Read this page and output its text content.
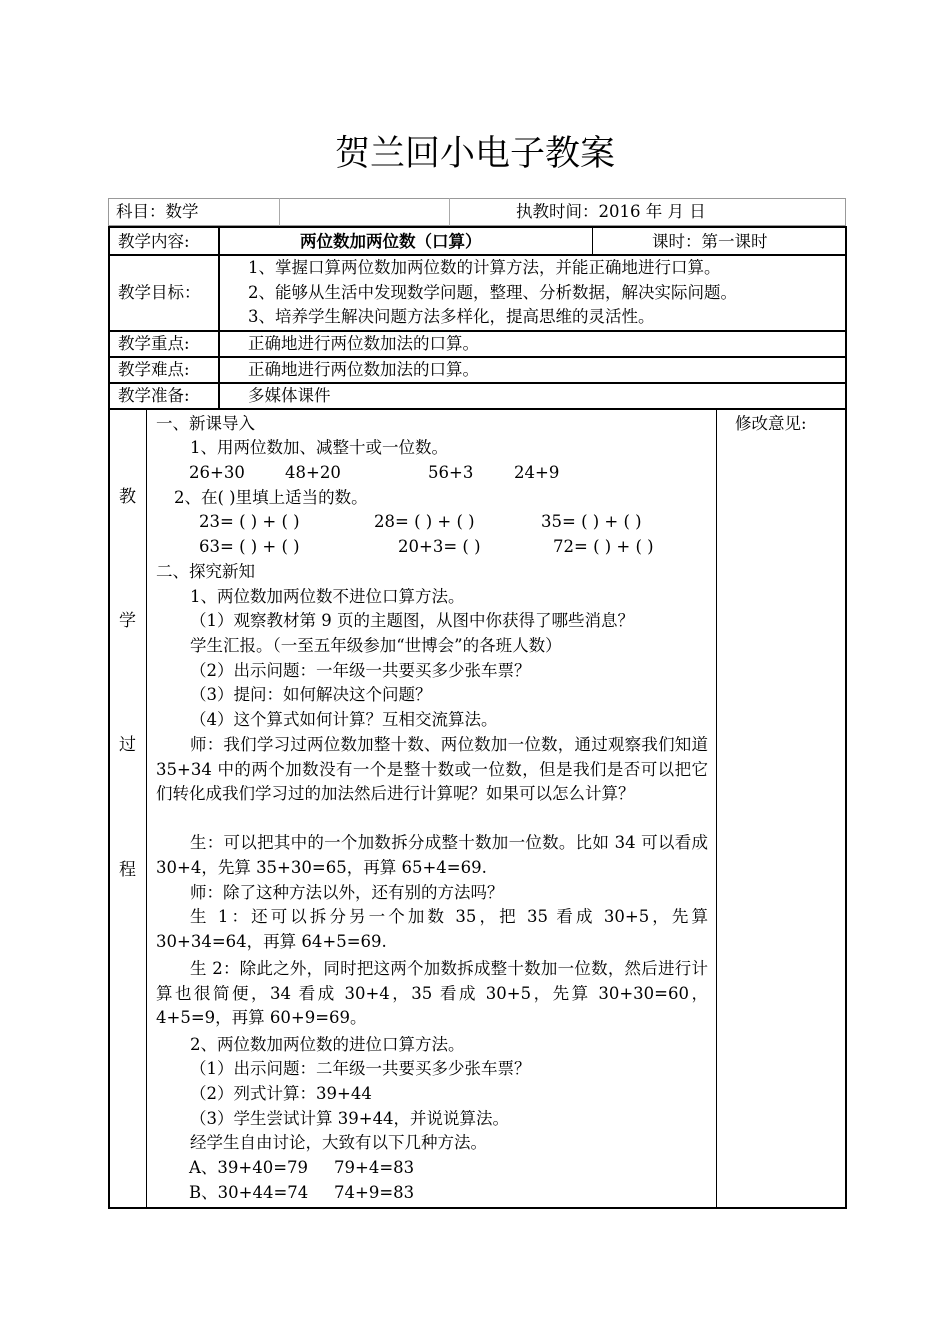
贺兰回小电子教案
科目：数学	执教时间：2016 年 月 日
教学内容:	两位数加两位数（口算）	课时：第一课时
教学目标：
1、掌握口算两位数加两位数的计算方法，并能正确地进行口算。
2、能够从生活中发现数学问题，整理、分析数据，解决实际问题。
3、培养学生解决问题方法多样化，提高思维的灵活性。
教学重点:	正确地进行两位数加法的口算。
教学难点:	正确地进行两位数加法的口算。
教学准备:	多媒体课件
教
学
过
程
修改意见:
一、新课导入
1、用两位数加、减整十或一位数。
26+30 48+20	56+3 24+9
2、在( )里填上适当的数。
23= ( ) + ( )	28= ( ) + ( )	35= ( ) + ( )
63= ( ) + ( )	20+3= ( )	72= ( ) + ( )
二、探究新知
1、两位数加两位数不进位口算方法。
（1）观察教材第 9 页的主题图，从图中你获得了哪些消息？
学生汇报。（一至五年级参加“世博会”的各班人数）
（2）出示问题：一年级一共要买多少张车票？
（3）提问：如何解决这个问题？
（4）这个算式如何计算？互相交流算法。
师：我们学习过两位数加整十数、两位数加一位数，通过观察我们知道 35+34 中的两个加数没有一个是整十数或一位数，但是我们是否可以把它们转化成我们学习过的加法然后进行计算呢？如果可以怎么计算？
生：可以把其中的一个加数拆分成整十数加一位数。比如 34 可以看成 30+4，先算 35+30=65，再算 65+4=69.
师：除了这种方法以外，还有别的方法吗？
生 1：还可以拆分另一个加数 35，把 35 看成 30+5，先算 30+34=64，再算 64+5=69.
生 2：除此之外，同时把这两个加数拆成整十数加一位数，然后进行计算也很简便，34 看成 30+4，35 看成 30+5，先算 30+30=60，4+5=9，再算 60+9=69。
2、两位数加两位数的进位口算方法。
（1）出示问题：二年级一共要买多少张车票？
（2）列式计算：39+44
（3）学生尝试计算 39+44，并说说算法。
经学生自由讨论，大致有以下几种方法。
A、39+40=79 79+4=83
B、30+44=74 74+9=83
